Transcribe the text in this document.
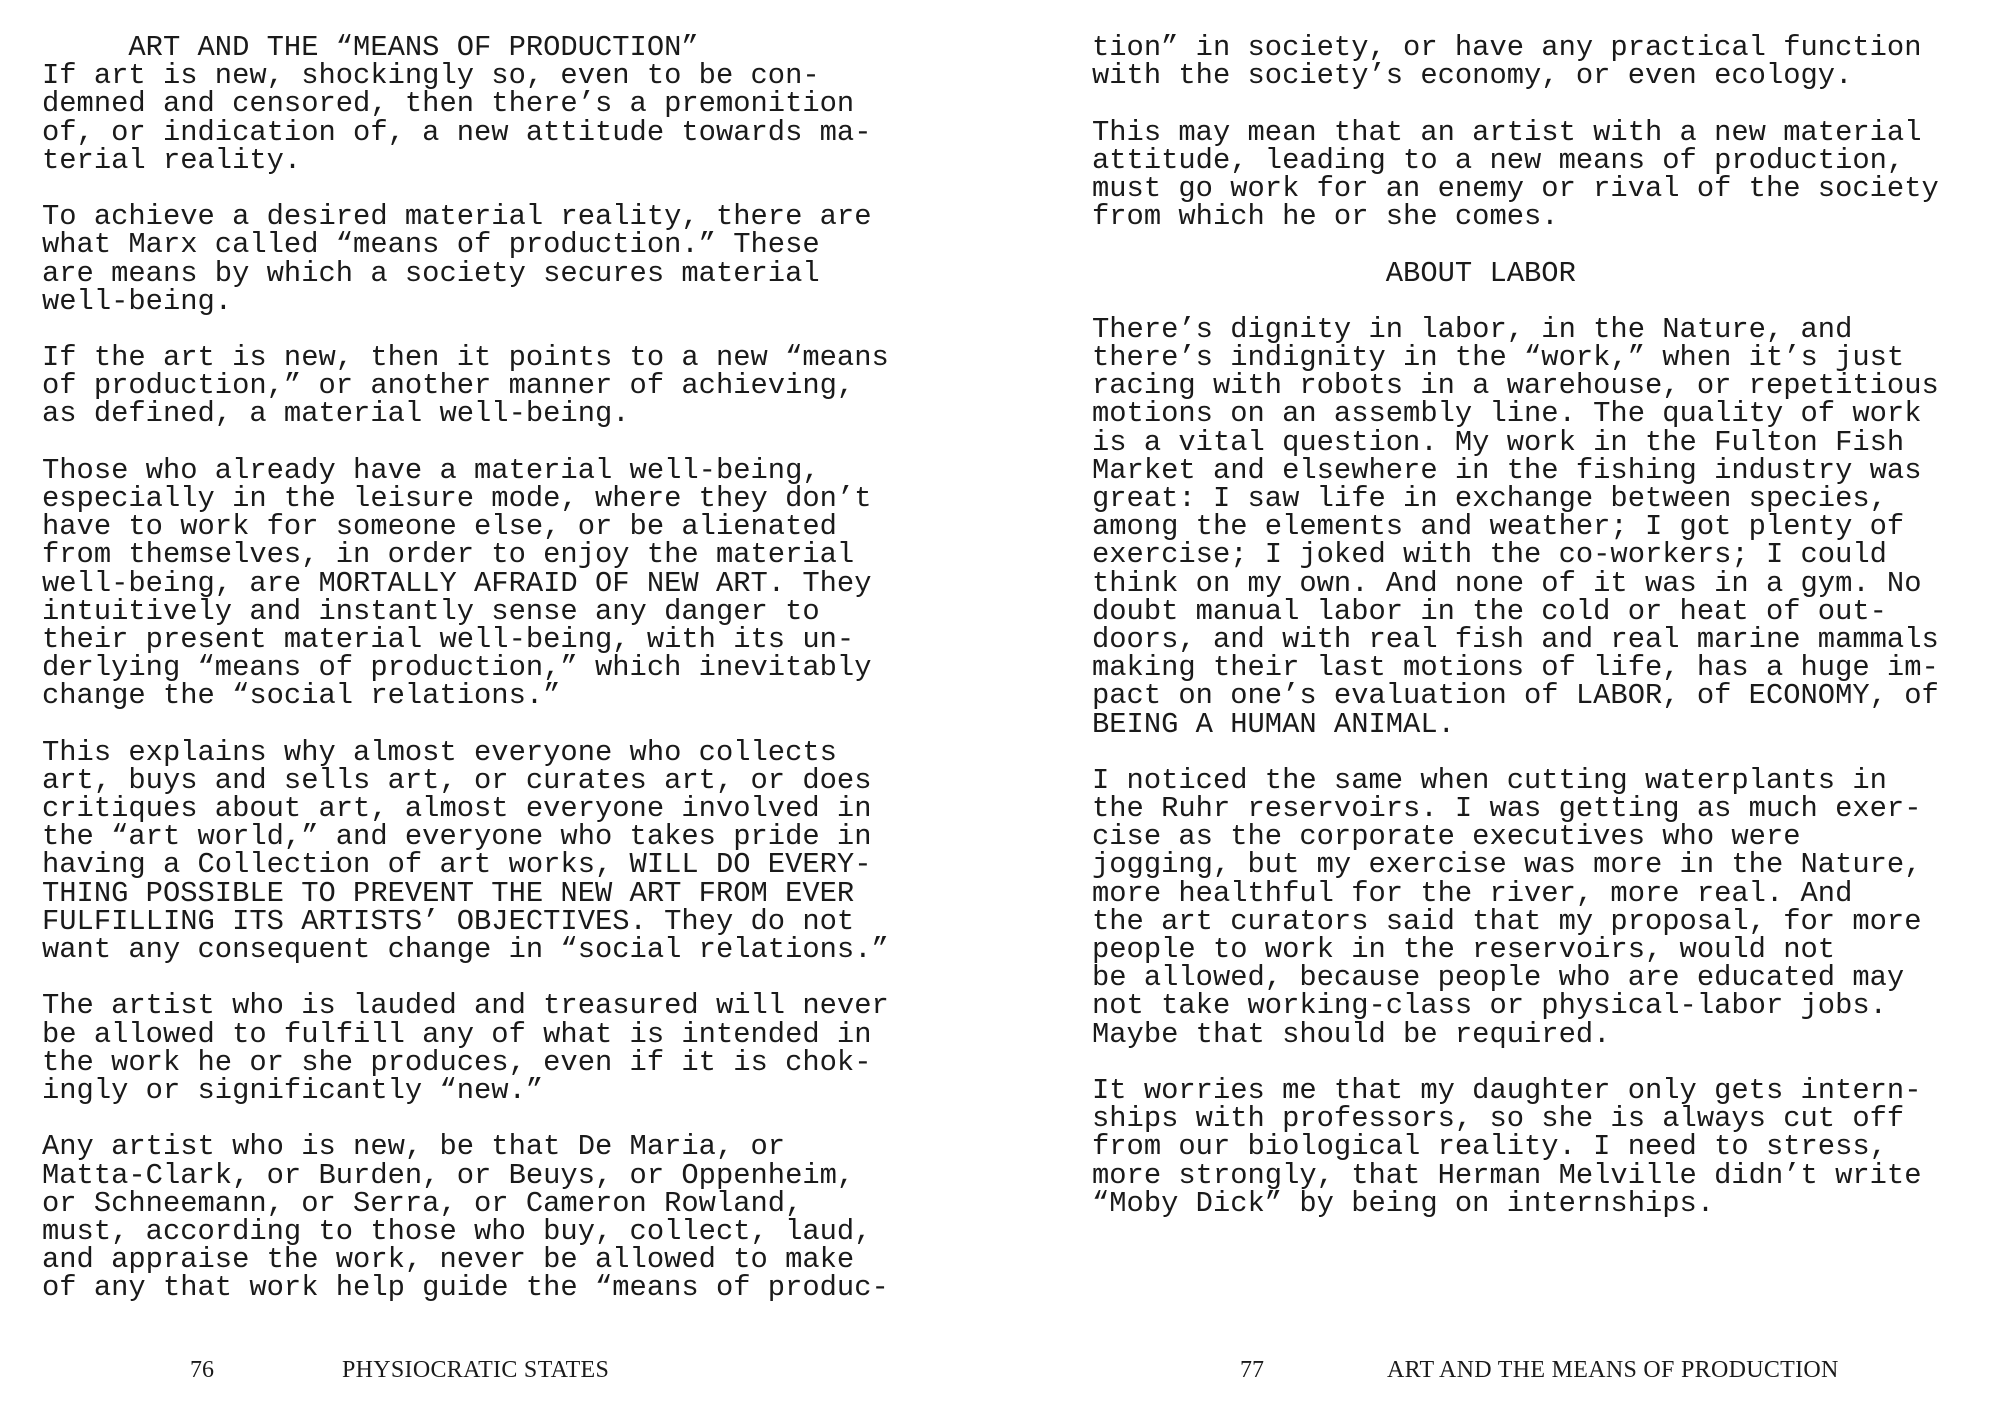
ART AND THE “MEANS OF PRODUCTION”
If art is new, shockingly so, even to be con-
demned and censored, then there’s a premonition
of, or indication of, a new attitude towards ma-
terial reality.

To achieve a desired material reality, there are
what Marx called “means of production.” These
are means by which a society secures material
well-being.

If the art is new, then it points to a new “means
of production,” or another manner of achieving,
as defined, a material well-being.

Those who already have a material well-being,
especially in the leisure mode, where they don’t
have to work for someone else, or be alienated
from themselves, in order to enjoy the material
well-being, are MORTALLY AFRAID OF NEW ART. They
intuitively and instantly sense any danger to
their present material well-being, with its un-
derlying “means of production,” which inevitably
change the “social relations.”

This explains why almost everyone who collects
art, buys and sells art, or curates art, or does
critiques about art, almost everyone involved in
the “art world,” and everyone who takes pride in
having a Collection of art works, WILL DO EVERY-
THING POSSIBLE TO PREVENT THE NEW ART FROM EVER
FULFILLING ITS ARTISTS’ OBJECTIVES. They do not
want any consequent change in “social relations.”

The artist who is lauded and treasured will never
be allowed to fulfill any of what is intended in
the work he or she produces, even if it is chok-
ingly or significantly “new.”

Any artist who is new, be that De Maria, or
Matta-Clark, or Burden, or Beuys, or Oppenheim,
or Schneemann, or Serra, or Cameron Rowland,
must, according to those who buy, collect, laud,
and appraise the work, never be allowed to make
of any that work help guide the “means of produc-
76	PHYSIOCRATIC STATES
tion” in society, or have any practical function
with the society’s economy, or even ecology.

This may mean that an artist with a new material
attitude, leading to a new means of production,
must go work for an enemy or rival of the society
from which he or she comes.

ABOUT LABOR

There’s dignity in labor, in the Nature, and
there’s indignity in the “work,” when it’s just
racing with robots in a warehouse, or repetitious
motions on an assembly line. The quality of work
is a vital question. My work in the Fulton Fish
Market and elsewhere in the fishing industry was
great: I saw life in exchange between species,
among the elements and weather; I got plenty of
exercise; I joked with the co-workers; I could
think on my own. And none of it was in a gym. No
doubt manual labor in the cold or heat of out-
doors, and with real fish and real marine mammals
making their last motions of life, has a huge im-
pact on one’s evaluation of LABOR, of ECONOMY, of
BEING A HUMAN ANIMAL.

I noticed the same when cutting waterplants in
the Ruhr reservoirs. I was getting as much exer-
cise as the corporate executives who were
jogging, but my exercise was more in the Nature,
more healthful for the river, more real. And
the art curators said that my proposal, for more
people to work in the reservoirs, would not
be allowed, because people who are educated may
not take working-class or physical-labor jobs.
Maybe that should be required.

It worries me that my daughter only gets intern-
ships with professors, so she is always cut off
from our biological reality. I need to stress,
more strongly, that Herman Melville didn’t write
“Moby Dick” by being on internships.
77	ART AND THE MEANS OF PRODUCTION
